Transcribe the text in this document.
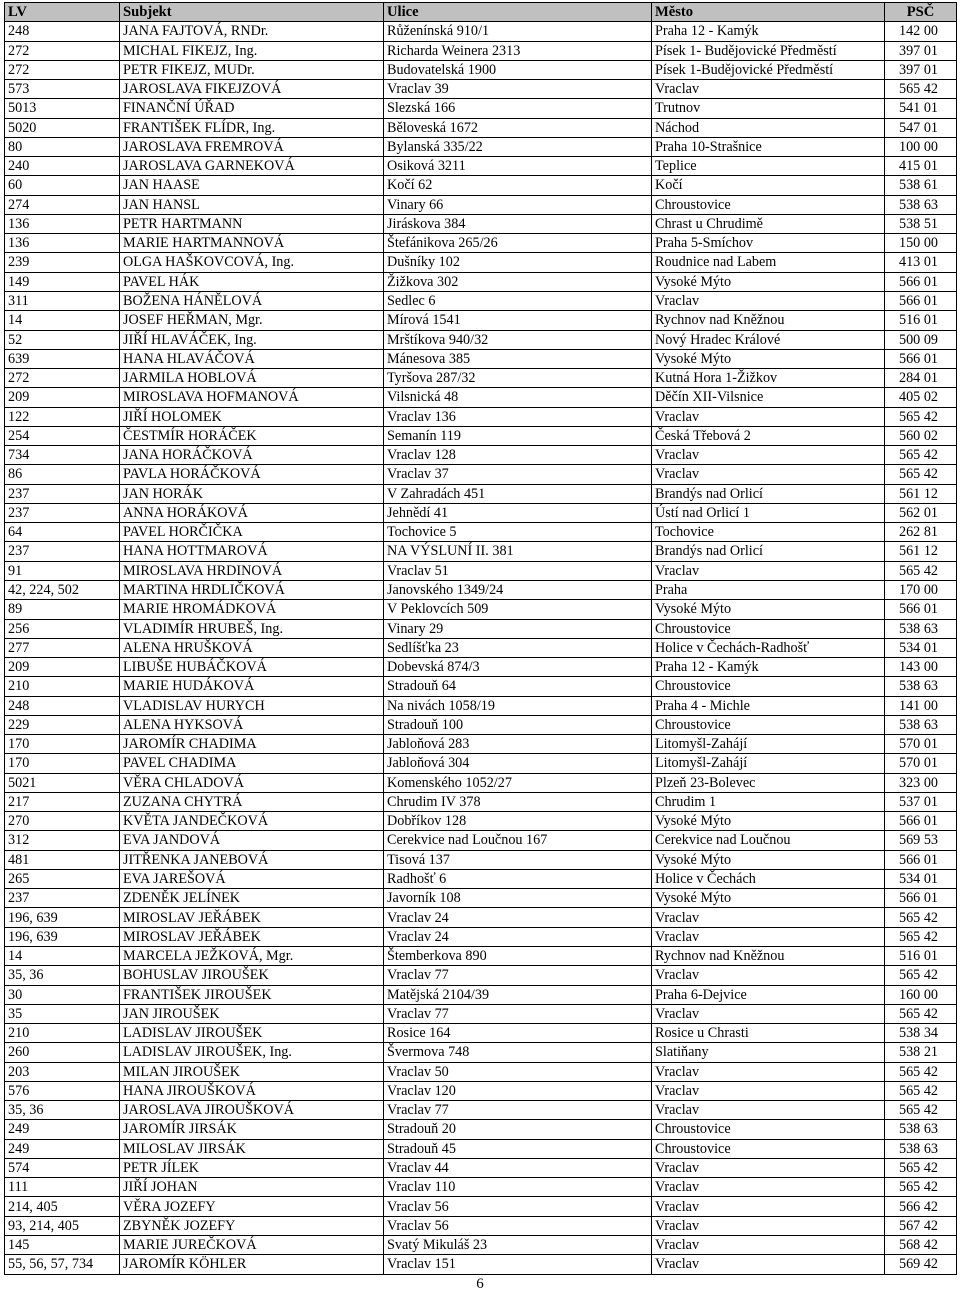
LV	Subjekt	Ulice	Město	PSČ
248	JANA FAJTOVÁ, RNDr.	Růženínská 910/1	Praha 12 - Kamýk	142 00
272	MICHAL FIKEJZ, Ing.	Richarda Weinera 2313	Písek 1- Budějovické Předměstí	397 01
272	PETR FIKEJZ, MUDr.	Budovatelská 1900	Písek 1-Budějovické Předměstí	397 01
573	JAROSLAVA FIKEJZOVÁ	Vraclav 39	Vraclav	565 42
5013	FINANČNÍ ÚŘAD	Slezská 166	Trutnov	541 01
5020	FRANTIŠEK FLÍDR, Ing.	Běloveská 1672	Náchod	547 01
80	JAROSLAVA FREMROVÁ	Bylanská 335/22	Praha 10-Strašnice	100 00
240	JAROSLAVA GARNEKOVÁ	Osiková 3211	Teplice	415 01
60	JAN HAASE	Kočí 62	Kočí	538 61
274	JAN HANSL	Vinary 66	Chroustovice	538 63
136	PETR HARTMANN	Jiráskova 384	Chrast u Chrudimě	538 51
136	MARIE HARTMANNOVÁ	Štefánikova 265/26	Praha 5-Smíchov	150 00
239	OLGA HAŠKOVCOVÁ, Ing.	Dušníky 102	Roudnice nad Labem	413 01
149	PAVEL HÁK	Žižkova 302	Vysoké Mýto	566 01
311	BOŽENA HÁNĚLOVÁ	Sedlec 6	Vraclav	566 01
14	JOSEF HEŘMAN, Mgr.	Mírová 1541	Rychnov nad Kněžnou	516 01
52	JIŘÍ HLAVÁČEK, Ing.	Mrštíkova 940/32	Nový Hradec Králové	500 09
639	HANA HLAVÁČOVÁ	Mánesova 385	Vysoké Mýto	566 01
272	JARMILA HOBLOVÁ	Tyršova 287/32	Kutná Hora 1-Žižkov	284 01
209	MIROSLAVA HOFMANOVÁ	Vilsnická 48	Děčín XII-Vilsnice	405 02
122	JIŘÍ HOLOMEK	Vraclav 136	Vraclav	565 42
254	ČESTMÍR HORÁČEK	Semanín 119	Česká Třebová 2	560 02
734	JANA HORÁČKOVÁ	Vraclav 128	Vraclav	565 42
86	PAVLA HORÁČKOVÁ	Vraclav 37	Vraclav	565 42
237	JAN HORÁK	V Zahradách 451	Brandýs nad Orlicí	561 12
237	ANNA HORÁKOVÁ	Jehnědí 41	Ústí nad Orlicí 1	562 01
64	PAVEL HORČIČKA	Tochovice 5	Tochovice	262 81
237	HANA HOTTMAROVÁ	NA VÝSLUNÍ II. 381	Brandýs nad Orlicí	561 12
91	MIROSLAVA HRDINOVÁ	Vraclav 51	Vraclav	565 42
42, 224, 502	MARTINA HRDLIČKOVÁ	Janovského 1349/24	Praha	170 00
89	MARIE HROMÁDKOVÁ	V Peklovcích 509	Vysoké Mýto	566 01
256	VLADIMÍR HRUBEŠ, Ing.	Vinary 29	Chroustovice	538 63
277	ALENA HRUŠKOVÁ	Sedlíšťka 23	Holice v Čechách-Radhošť	534 01
209	LIBUŠE HUBÁČKOVÁ	Dobevská 874/3	Praha 12 - Kamýk	143 00
210	MARIE HUDÁKOVÁ	Stradouň 64	Chroustovice	538 63
248	VLADISLAV HURYCH	Na nivách 1058/19	Praha 4 - Michle	141 00
229	ALENA HYKSOVÁ	Stradouň 100	Chroustovice	538 63
170	JAROMÍR CHADIMA	Jabloňová 283	Litomyšl-Zahájí	570 01
170	PAVEL CHADIMA	Jabloňová 304	Litomyšl-Zahájí	570 01
5021	VĚRA CHLADOVÁ	Komenského 1052/27	Plzeň 23-Bolevec	323 00
217	ZUZANA CHYTRÁ	Chrudim IV 378	Chrudim 1	537 01
270	KVĚTA JANDEČKOVÁ	Dobříkov 128	Vysoké Mýto	566 01
312	EVA JANDOVÁ	Cerekvice nad Loučnou 167	Cerekvice nad Loučnou	569 53
481	JITŘENKA JANEBOVÁ	Tisová 137	Vysoké Mýto	566 01
265	EVA JAREŠOVÁ	Radhošť 6	Holice v Čechách	534 01
237	ZDENĚK JELÍNEK	Javorník 108	Vysoké Mýto	566 01
196, 639	MIROSLAV JEŘÁBEK	Vraclav 24	Vraclav	565 42
196, 639	MIROSLAV JEŘÁBEK	Vraclav 24	Vraclav	565 42
14	MARCELA JEŽKOVÁ, Mgr.	Štemberkova 890	Rychnov nad Kněžnou	516 01
35, 36	BOHUSLAV JIROUŠEK	Vraclav 77	Vraclav	565 42
30	FRANTIŠEK JIROUŠEK	Matějská 2104/39	Praha 6-Dejvice	160 00
35	JAN JIROUŠEK	Vraclav 77	Vraclav	565 42
210	LADISLAV JIROUŠEK	Rosice 164	Rosice u Chrasti	538 34
260	LADISLAV JIROUŠEK, Ing.	Švermova 748	Slatiňany	538 21
203	MILAN JIROUŠEK	Vraclav 50	Vraclav	565 42
576	HANA JIROUŠKOVÁ	Vraclav 120	Vraclav	565 42
35, 36	JAROSLAVA JIROUŠKOVÁ	Vraclav 77	Vraclav	565 42
249	JAROMÍR JIRSÁK	Stradouň 20	Chroustovice	538 63
249	MILOSLAV JIRSÁK	Stradouň 45	Chroustovice	538 63
574	PETR JÍLEK	Vraclav 44	Vraclav	565 42
111	JIŘÍ JOHAN	Vraclav 110	Vraclav	565 42
214, 405	VĚRA JOZEFY	Vraclav 56	Vraclav	566 42
93, 214, 405	ZBYNĚK JOZEFY	Vraclav 56	Vraclav	567 42
145	MARIE JUREČKOVÁ	Svatý Mikuláš 23	Vraclav	568 42
55, 56, 57, 734	JAROMÍR KÖHLER	Vraclav 151	Vraclav	569 42
6
